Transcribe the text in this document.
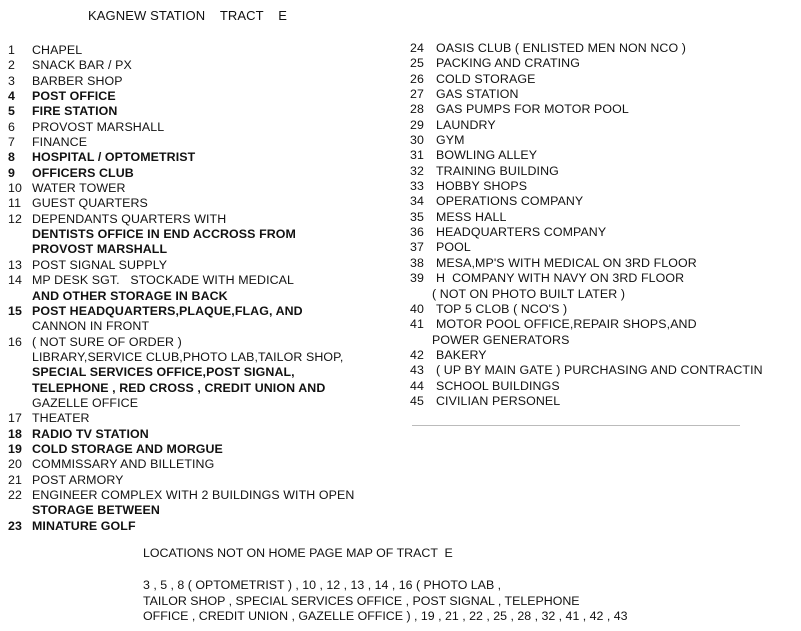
KAGNEW STATION    TRACT    E
1 CHAPEL
2 SNACK BAR / PX
3 BARBER SHOP
4 POST OFFICE
5 FIRE STATION
6 PROVOST MARSHALL
7 FINANCE
8 HOSPITAL / OPTOMETRIST
9 OFFICERS CLUB
10 WATER TOWER
11 GUEST QUARTERS
12 DEPENDANTS QUARTERS WITH
DENTISTS OFFICE IN END ACCROSS FROM
PROVOST MARSHALL
13 POST SIGNAL SUPPLY
14 MP DESK SGT.   STOCKADE WITH MEDICAL
AND OTHER STORAGE IN BACK
15 POST HEADQUARTERS,PLAQUE,FLAG, AND
CANNON IN FRONT
16 ( NOT SURE OF ORDER )
LIBRARY,SERVICE CLUB,PHOTO LAB,TAILOR SHOP,
SPECIAL SERVICES OFFICE,POST SIGNAL,
TELEPHONE , RED CROSS , CREDIT UNION AND
GAZELLE OFFICE
17 THEATER
18 RADIO TV STATION
19 COLD STORAGE AND MORGUE
20 COMMISSARY AND BILLETING
21 POST ARMORY
22 ENGINEER COMPLEX WITH 2 BUILDINGS WITH OPEN
STORAGE BETWEEN
23 MINATURE GOLF
24 OASIS CLUB ( ENLISTED MEN NON NCO )
25 PACKING AND CRATING
26 COLD STORAGE
27 GAS STATION
28 GAS PUMPS FOR MOTOR POOL
29 LAUNDRY
30 GYM
31 BOWLING ALLEY
32 TRAINING BUILDING
33 HOBBY SHOPS
34 OPERATIONS COMPANY
35 MESS HALL
36 HEADQUARTERS COMPANY
37 POOL
38 MESA,MP'S WITH MEDICAL ON 3RD FLOOR
39 H  COMPANY WITH NAVY ON 3RD FLOOR
( NOT ON PHOTO BUILT LATER )
40 TOP 5 CLOB ( NCO'S )
41 MOTOR POOL OFFICE,REPAIR SHOPS,AND
POWER GENERATORS
42 BAKERY
43 ( UP BY MAIN GATE ) PURCHASING AND CONTRACTIN
44 SCHOOL BUILDINGS
45 CIVILIAN PERSONEL
LOCATIONS NOT ON HOME PAGE MAP OF TRACT  E
3 , 5 , 8 ( OPTOMETRIST ) , 10 , 12 , 13 , 14 , 16 ( PHOTO LAB ,
TAILOR SHOP , SPECIAL SERVICES OFFICE , POST SIGNAL , TELEPHONE
OFFICE , CREDIT UNION , GAZELLE OFFICE ) , 19 , 21 , 22 , 25 , 28 , 32 , 41 , 42 , 43
